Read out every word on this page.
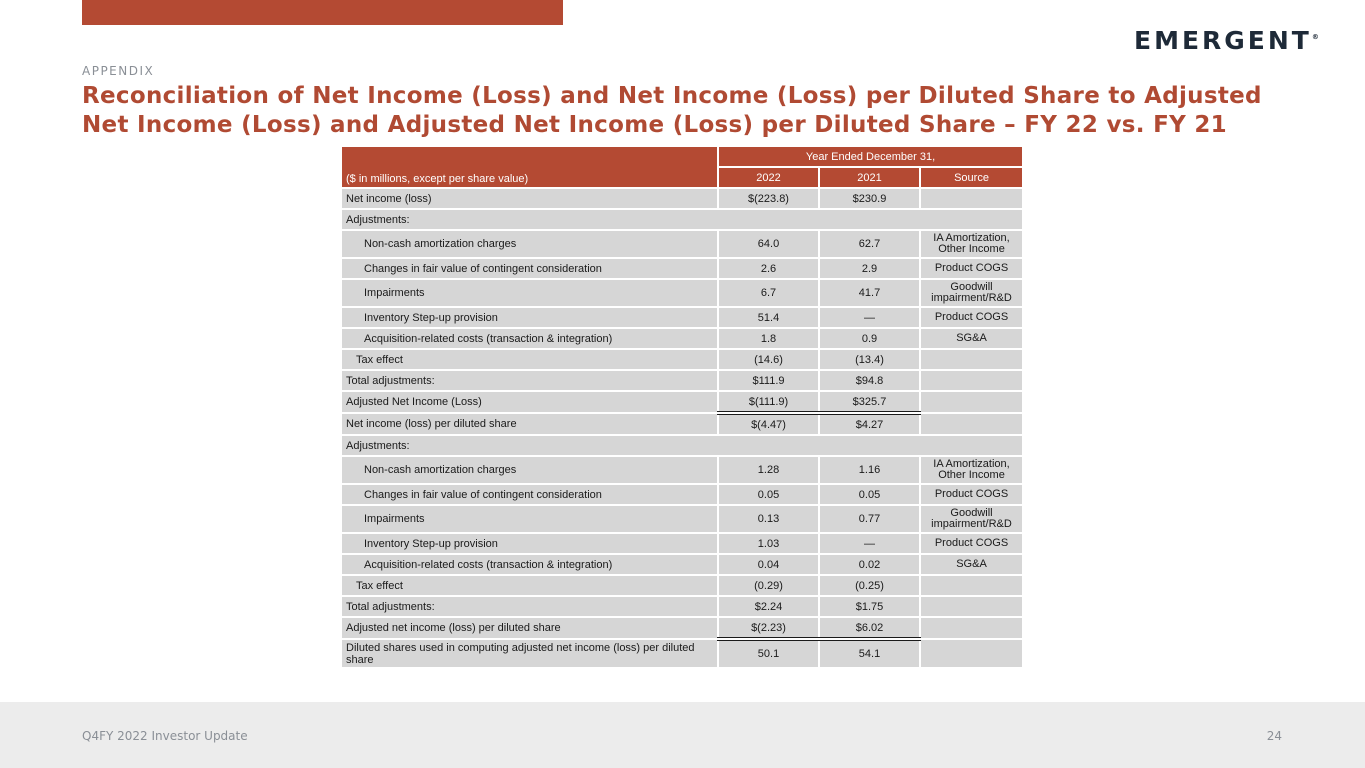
EMERGENT®
APPENDIX
Reconciliation of Net Income (Loss) and Net Income (Loss) per Diluted Share to Adjusted Net Income (Loss) and Adjusted Net Income (Loss) per Diluted Share – FY 22 vs. FY 21
($ in millions, except per share value)	Year Ended December 31,		
	2022	2021	Source
Net income (loss)	$(223.8)	$230.9	
Adjustments:			
Non-cash amortization charges	64.0	62.7	IA Amortization, Other Income
Changes in fair value of contingent consideration	2.6	2.9	Product COGS
Impairments	6.7	41.7	Goodwill impairment/R&D
Inventory Step-up provision	51.4	—	Product COGS
Acquisition-related costs (transaction & integration)	1.8	0.9	SG&A
Tax effect	(14.6)	(13.4)	
Total adjustments:	$111.9	$94.8	
Adjusted Net Income (Loss)	$(111.9)	$325.7	
Net income (loss) per diluted share	$(4.47)	$4.27	
Adjustments:			
Non-cash amortization charges	1.28	1.16	IA Amortization, Other Income
Changes in fair value of contingent consideration	0.05	0.05	Product COGS
Impairments	0.13	0.77	Goodwill impairment/R&D
Inventory Step-up provision	1.03	—	Product COGS
Acquisition-related costs (transaction & integration)	0.04	0.02	SG&A
Tax effect	(0.29)	(0.25)	
Total adjustments:	$2.24	$1.75	
Adjusted net income (loss) per diluted share	$(2.23)	$6.02	
Diluted shares used in computing adjusted net income (loss) per diluted share	50.1	54.1	
Q4FY 2022 Investor Update	24
